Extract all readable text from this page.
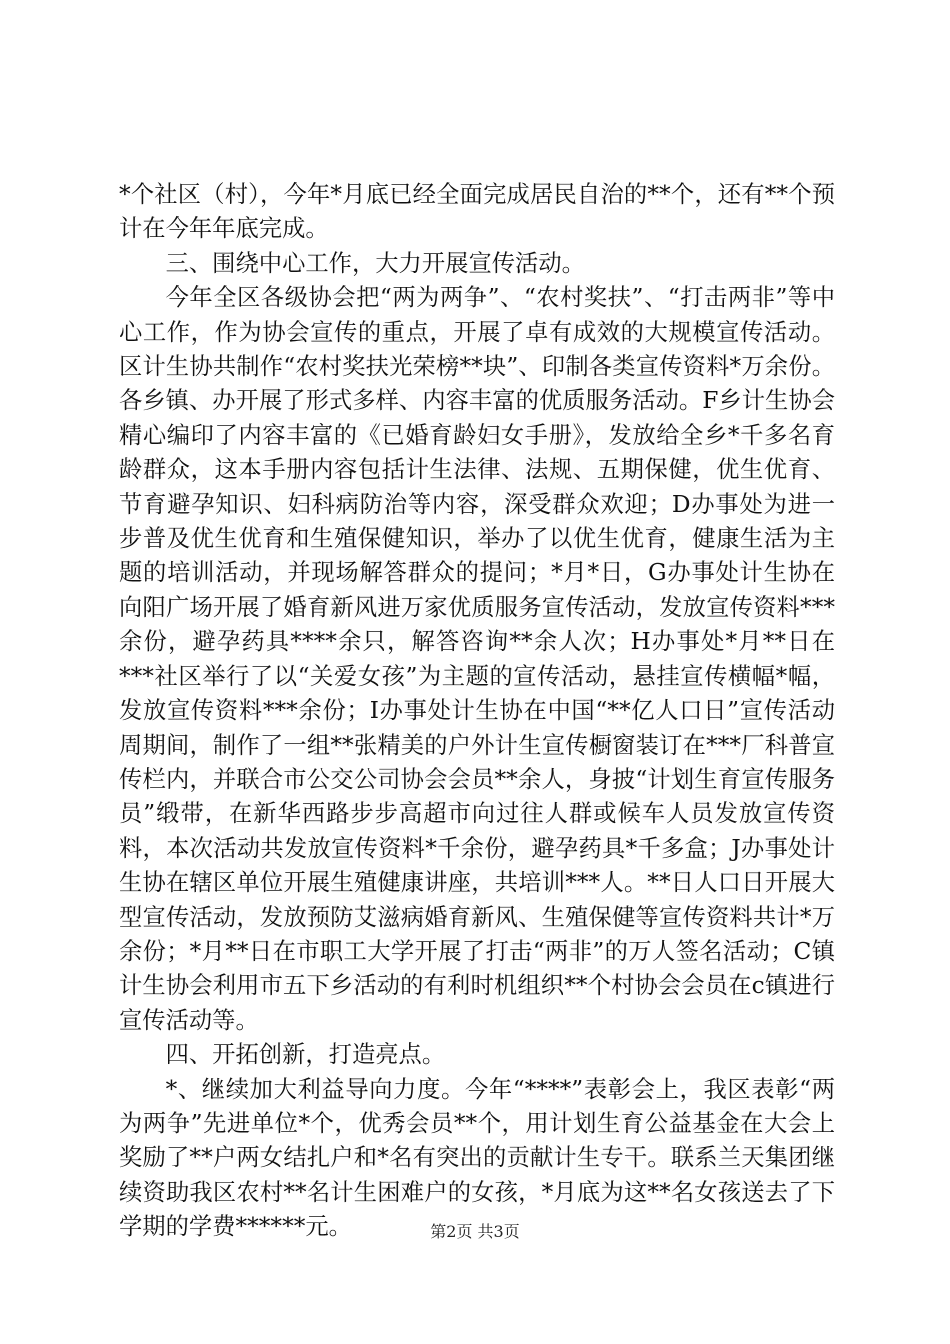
*个社区（村），今年*月底已经全面完成居民自治的**个，还有**个预计在今年年底完成。

三、围绕中心工作，大力开展宣传活动。

今年全区各级协会把“两为两争”、“农村奖扶”、“打击两非”等中心工作，作为协会宣传的重点，开展了卓有成效的大规模宣传活动。区计生协共制作“农村奖扶光荣榜**块”、印制各类宣传资料*万余份。各乡镇、办开展了形式多样、内容丰富的优质服务活动。F乡计生协会精心编印了内容丰富的《已婚育龄妇女手册》，发放给全乡*千多名育龄群众，这本手册内容包括计生法律、法规、五期保健，优生优育、节育避孕知识、妇科病防治等内容，深受群众欢迎；D办事处为进一步普及优生优育和生殖保健知识，举办了以优生优育，健康生活为主题的培训活动，并现场解答群众的提问；*月*日，G办事处计生协在向阳广场开展了婚育新风进万家优质服务宣传活动，发放宣传资料***余份，避孕药具****余只，解答咨询**余人次；H办事处*月**日在***社区举行了以“关爱女孩”为主题的宣传活动，悬挂宣传横幅*幅，发放宣传资料***余份；I办事处计生协在中国“**亿人口日”宣传活动周期间，制作了一组**张精美的户外计生宣传橱窗装订在***厂科普宣传栏内，并联合市公交公司协会会员**余人，身披“计划生育宣传服务员”缎带，在新华西路步步高超市向过往人群或候车人员发放宣传资料，本次活动共发放宣传资料*千余份，避孕药具*千多盒；J办事处计生协在辖区单位开展生殖健康讲座，共培训***人。**日人口日开展大型宣传活动，发放预防艾滋病婚育新风、生殖保健等宣传资料共计*万余份；*月**日在市职工大学开展了打击“两非”的万人签名活动；C镇计生协会利用市五下乡活动的有利时机组织**个村协会会员在c镇进行宣传活动等。

四、开拓创新，打造亮点。

*、继续加大利益导向力度。今年“****”表彰会上，我区表彰“两为两争”先进单位*个，优秀会员**个，用计划生育公益基金在大会上奖励了**户两女结扎户和*名有突出的贡献计生专干。联系兰天集团继续资助我区农村**名计生困难户的女孩，*月底为这**名女孩送去了下学期的学费******元。	第2页 共3页
